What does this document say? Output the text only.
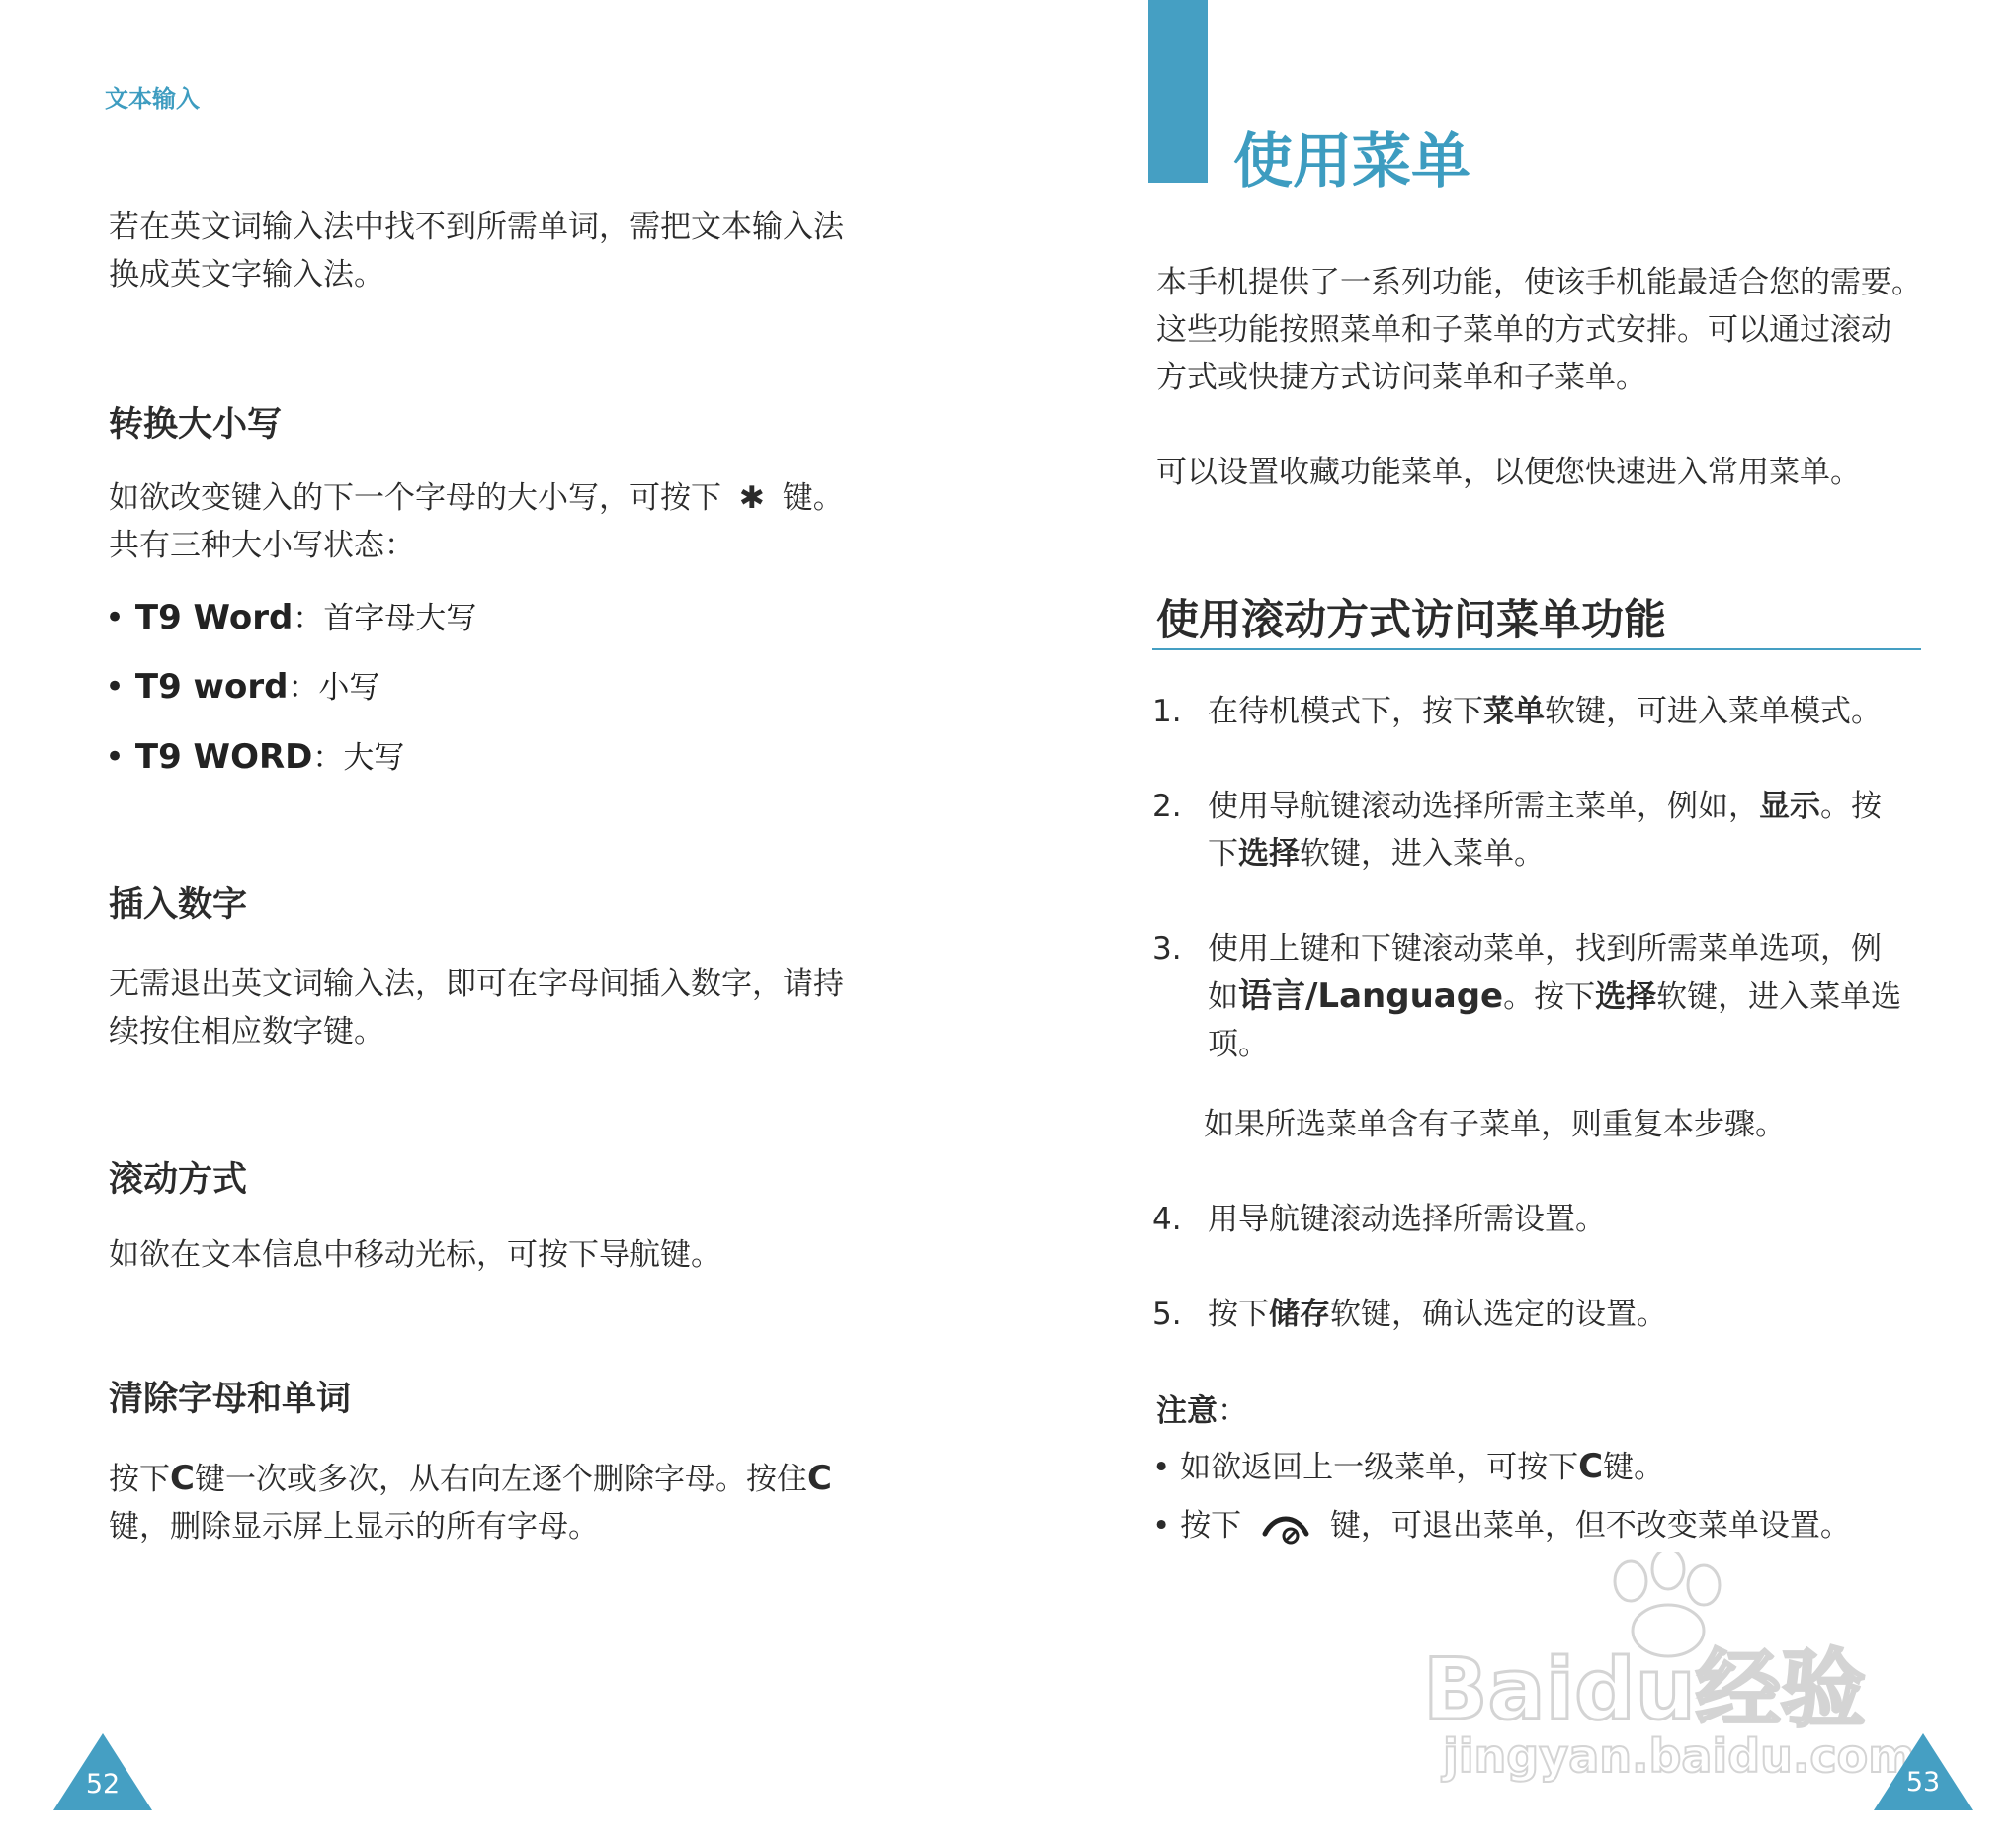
文本输入
若在英文词输入法中找不到所需单词，需把文本输入法
换成英文字输入法。
转换大小写
如欲改变键入的下一个字母的大小写，可按下 ✱ 键。
共有三种大小写状态：
• T9 Word：首字母大写
• T9 word：小写
• T9 WORD：大写
插入数字
无需退出英文词输入法，即可在字母间插入数字，请持
续按住相应数字键。
滚动方式
如欲在文本信息中移动光标，可按下导航键。
清除字母和单词
按下C键一次或多次，从右向左逐个删除字母。按住C
键，删除显示屏上显示的所有字母。
52
使用菜单
本手机提供了一系列功能，使该手机能最适合您的需要。
这些功能按照菜单和子菜单的方式安排。可以通过滚动
方式或快捷方式访问菜单和子菜单。
可以设置收藏功能菜单，以便您快速进入常用菜单。
使用滚动方式访问菜单功能
1. 在待机模式下，按下菜单软键，可进入菜单模式。
2. 使用导航键滚动选择所需主菜单，例如，显示。按
下选择软键，进入菜单。
3. 使用上键和下键滚动菜单，找到所需菜单选项，例
如语言/Language。按下选择软键，进入菜单选
项。
如果所选菜单含有子菜单，则重复本步骤。
4. 用导航键滚动选择所需设置。
5. 按下储存软键，确认选定的设置。
注意：
• 如欲返回上一级菜单，可按下C键。
• 按下	键，可退出菜单，但不改变菜单设置。
Baidu经验
jingyan.baidu.com
53
